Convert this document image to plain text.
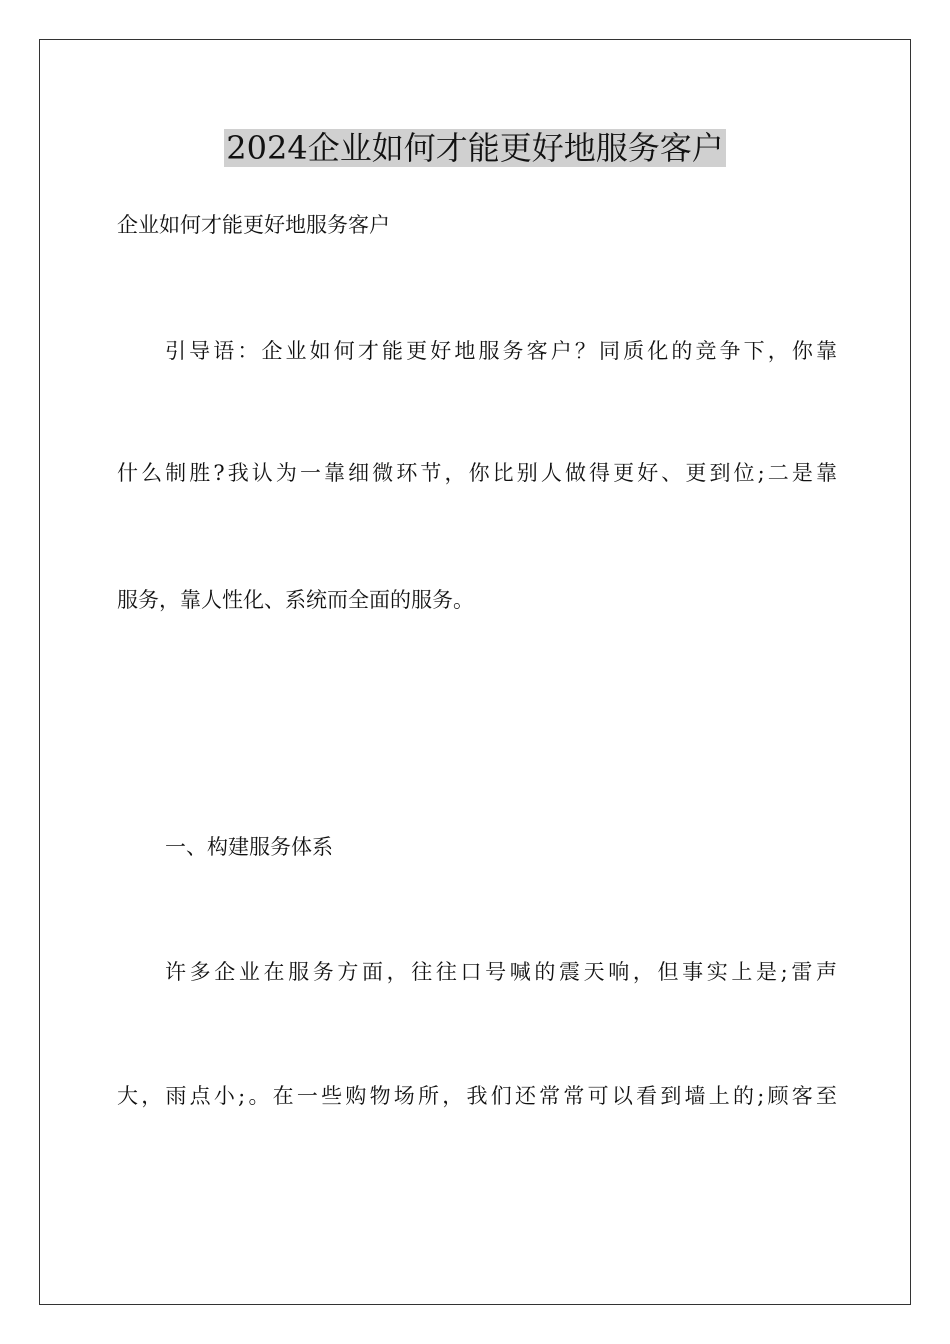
2024企业如何才能更好地服务客户

企业如何才能更好地服务客户

引导语：企业如何才能更好地服务客户？同质化的竞争下，你靠

什么制胜?我认为一靠细微环节，你比别人做得更好、更到位;二是靠

服务，靠人性化、系统而全面的服务。

一、构建服务体系

许多企业在服务方面，往往口号喊的震天响，但事实上是;雷声

大，雨点小;。在一些购物场所，我们还常常可以看到墙上的;顾客至
